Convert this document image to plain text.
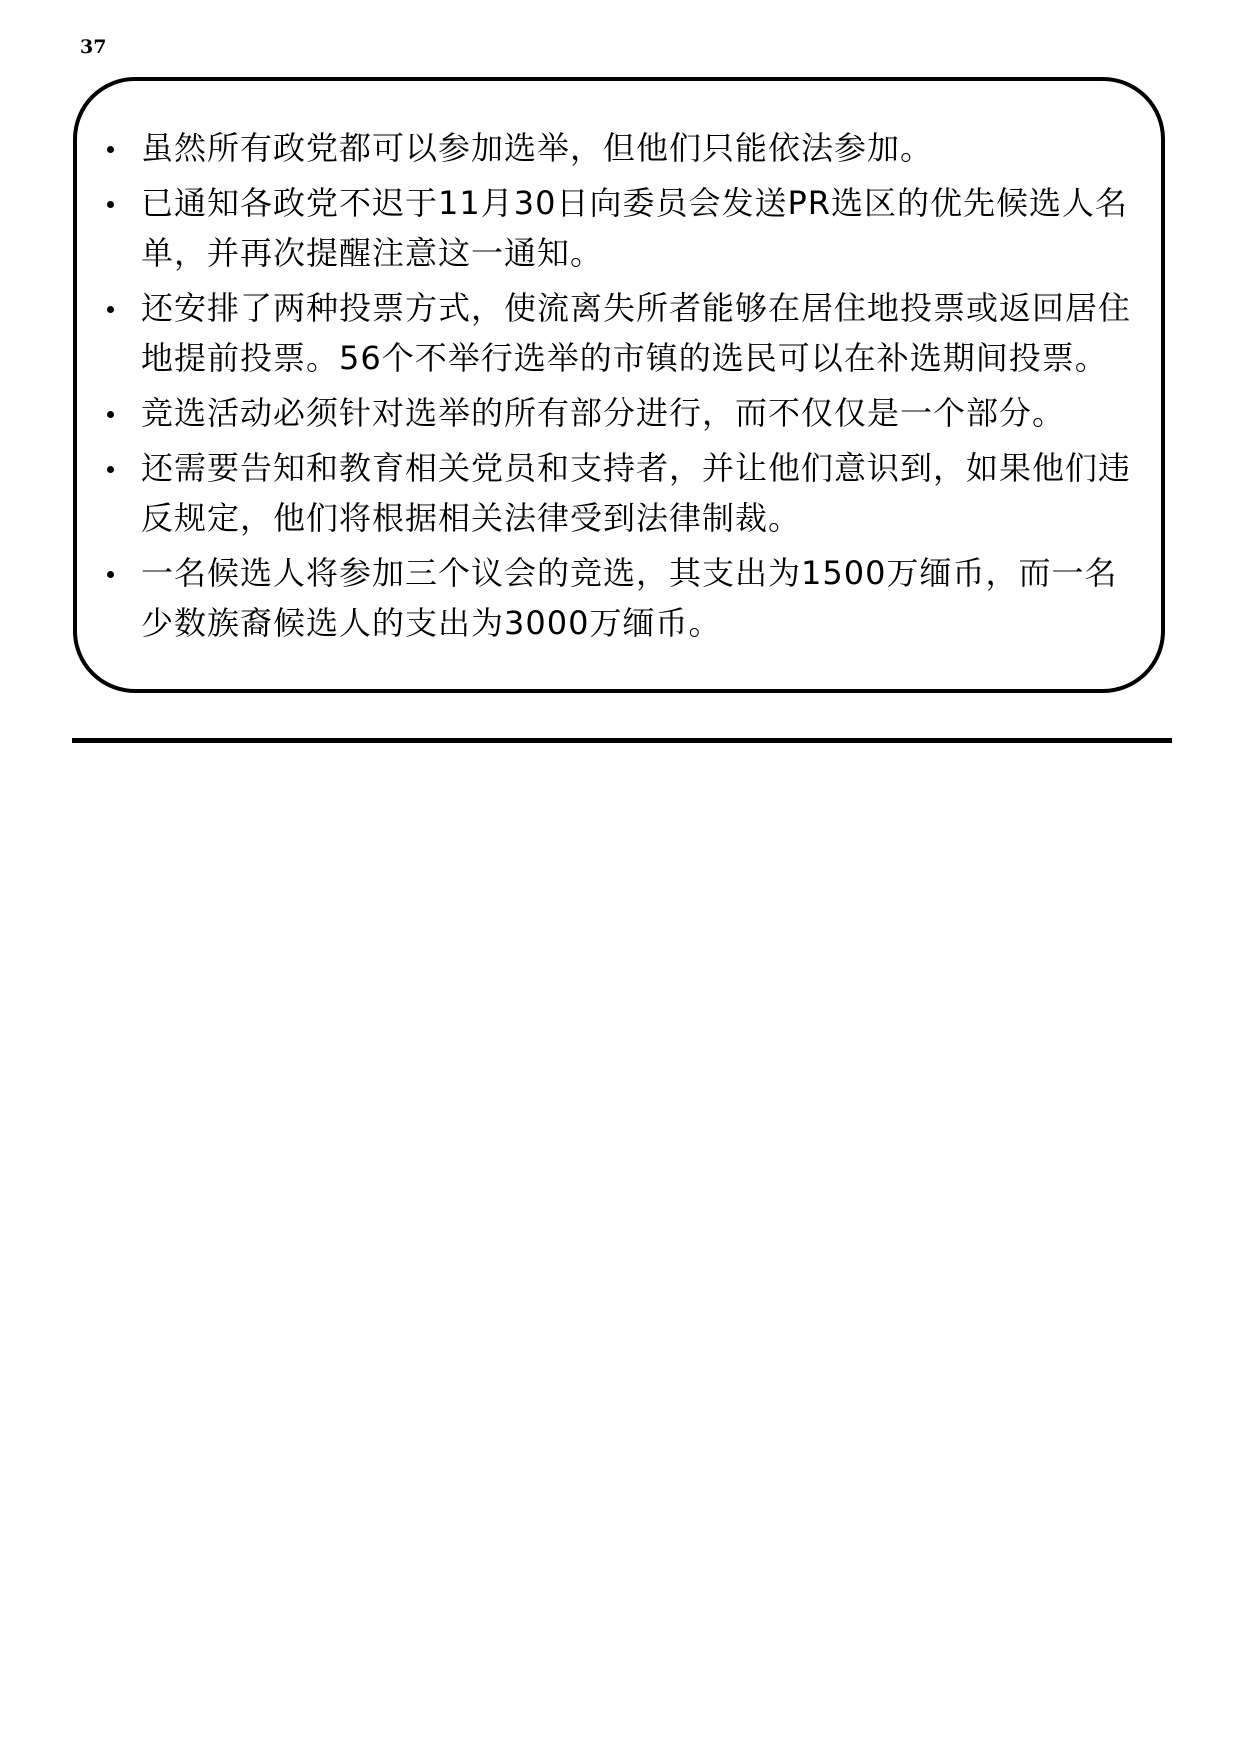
37
虽然所有政党都可以参加选举，但他们只能依法参加。
已通知各政党不迟于11月30日向委员会发送PR选区的优先候选人名单，并再次提醒注意这一通知。
还安排了两种投票方式，使流离失所者能够在居住地投票或返回居住地提前投票。56个不举行选举的市镇的选民可以在补选期间投票。
竞选活动必须针对选举的所有部分进行，而不仅仅是一个部分。
还需要告知和教育相关党员和支持者，并让他们意识到，如果他们违反规定，他们将根据相关法律受到法律制裁。
一名候选人将参加三个议会的竞选，其支出为1500万缅币，而一名少数族裔候选人的支出为3000万缅币。
